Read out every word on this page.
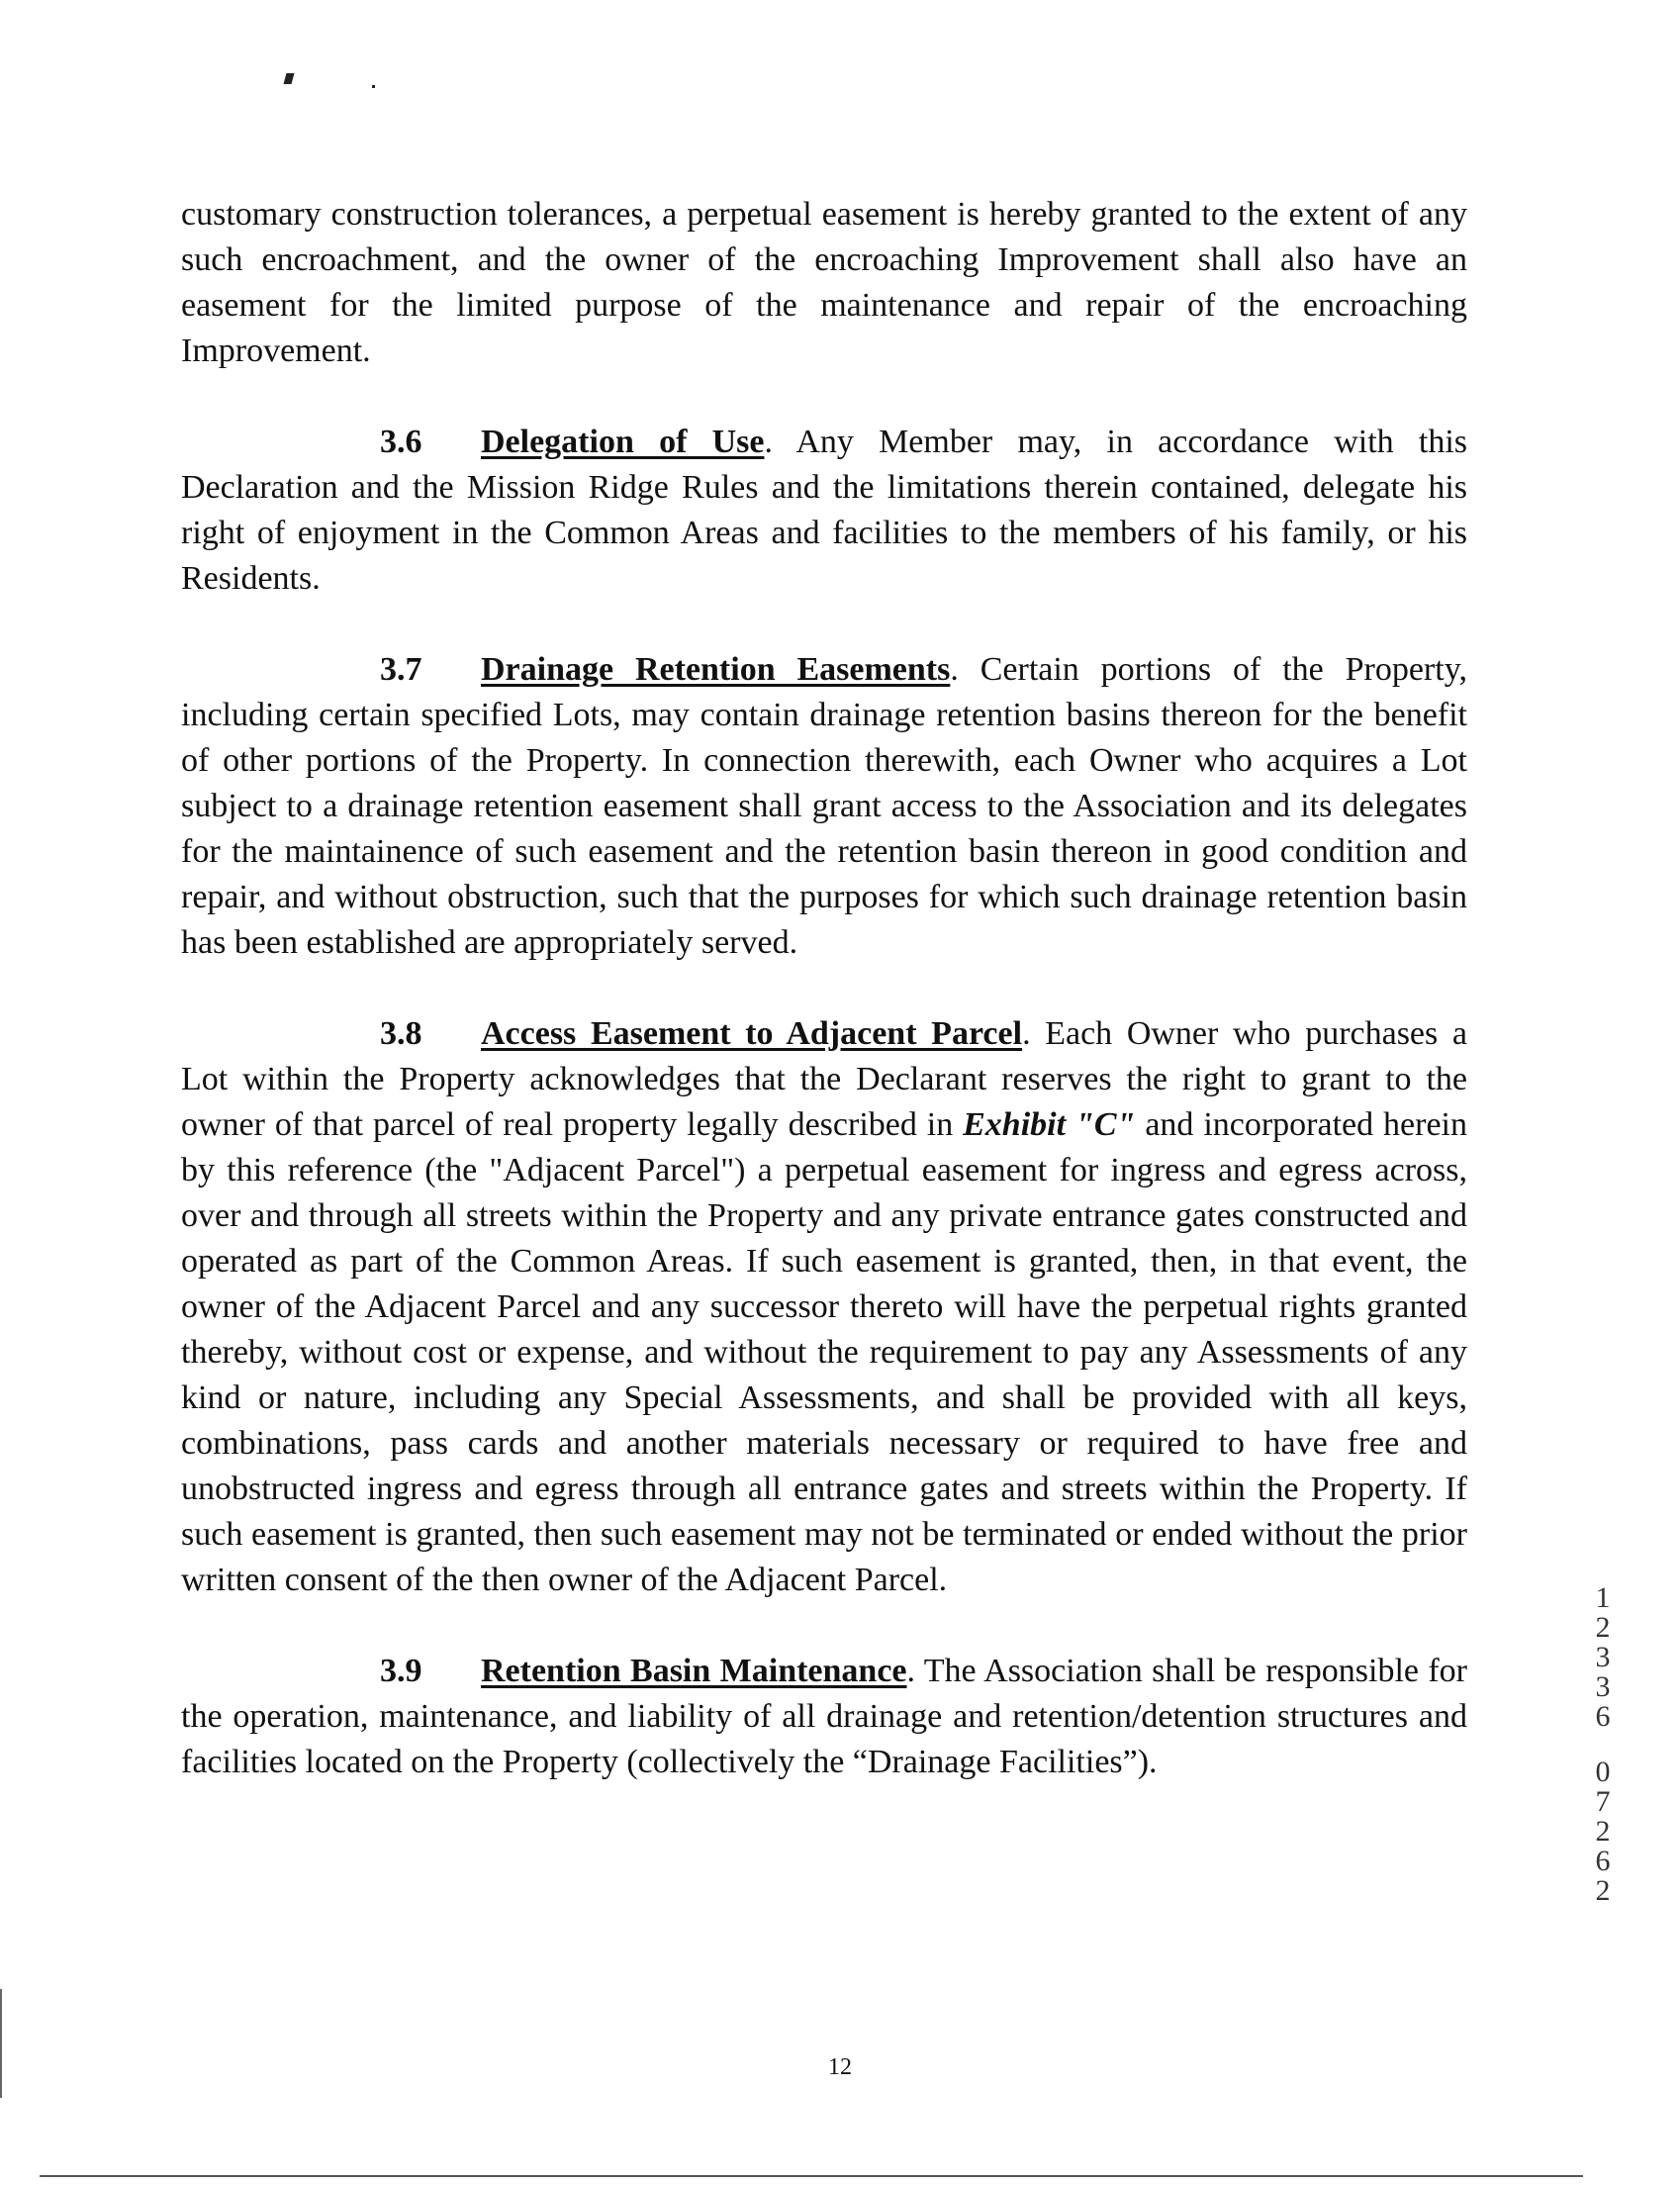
customary construction tolerances, a perpetual easement is hereby granted to the extent of any such encroachment, and the owner of the encroaching Improvement shall also have an easement for the limited purpose of the maintenance and repair of the encroaching Improvement.

3.6 Delegation of Use. Any Member may, in accordance with this Declaration and the Mission Ridge Rules and the limitations therein contained, delegate his right of enjoyment in the Common Areas and facilities to the members of his family, or his Residents.

3.7 Drainage Retention Easements. Certain portions of the Property, including certain specified Lots, may contain drainage retention basins thereon for the benefit of other portions of the Property. In connection therewith, each Owner who acquires a Lot subject to a drainage retention easement shall grant access to the Association and its delegates for the maintainence of such easement and the retention basin thereon in good condition and repair, and without obstruction, such that the purposes for which such drainage retention basin has been established are appropriately served.

3.8 Access Easement to Adjacent Parcel. Each Owner who purchases a Lot within the Property acknowledges that the Declarant reserves the right to grant to the owner of that parcel of real property legally described in Exhibit "C" and incorporated herein by this reference (the "Adjacent Parcel") a perpetual easement for ingress and egress across, over and through all streets within the Property and any private entrance gates constructed and operated as part of the Common Areas. If such easement is granted, then, in that event, the owner of the Adjacent Parcel and any successor thereto will have the perpetual rights granted thereby, without cost or expense, and without the requirement to pay any Assessments of any kind or nature, including any Special Assessments, and shall be provided with all keys, combinations, pass cards and another materials necessary or required to have free and unobstructed ingress and egress through all entrance gates and streets within the Property. If such easement is granted, then such easement may not be terminated or ended without the prior written consent of the then owner of the Adjacent Parcel.

3.9 Retention Basin Maintenance. The Association shall be responsible for the operation, maintenance, and liability of all drainage and retention/detention structures and facilities located on the Property (collectively the “Drainage Facilities”).

1
2
3
3
6
0
7
2
6
2
12
